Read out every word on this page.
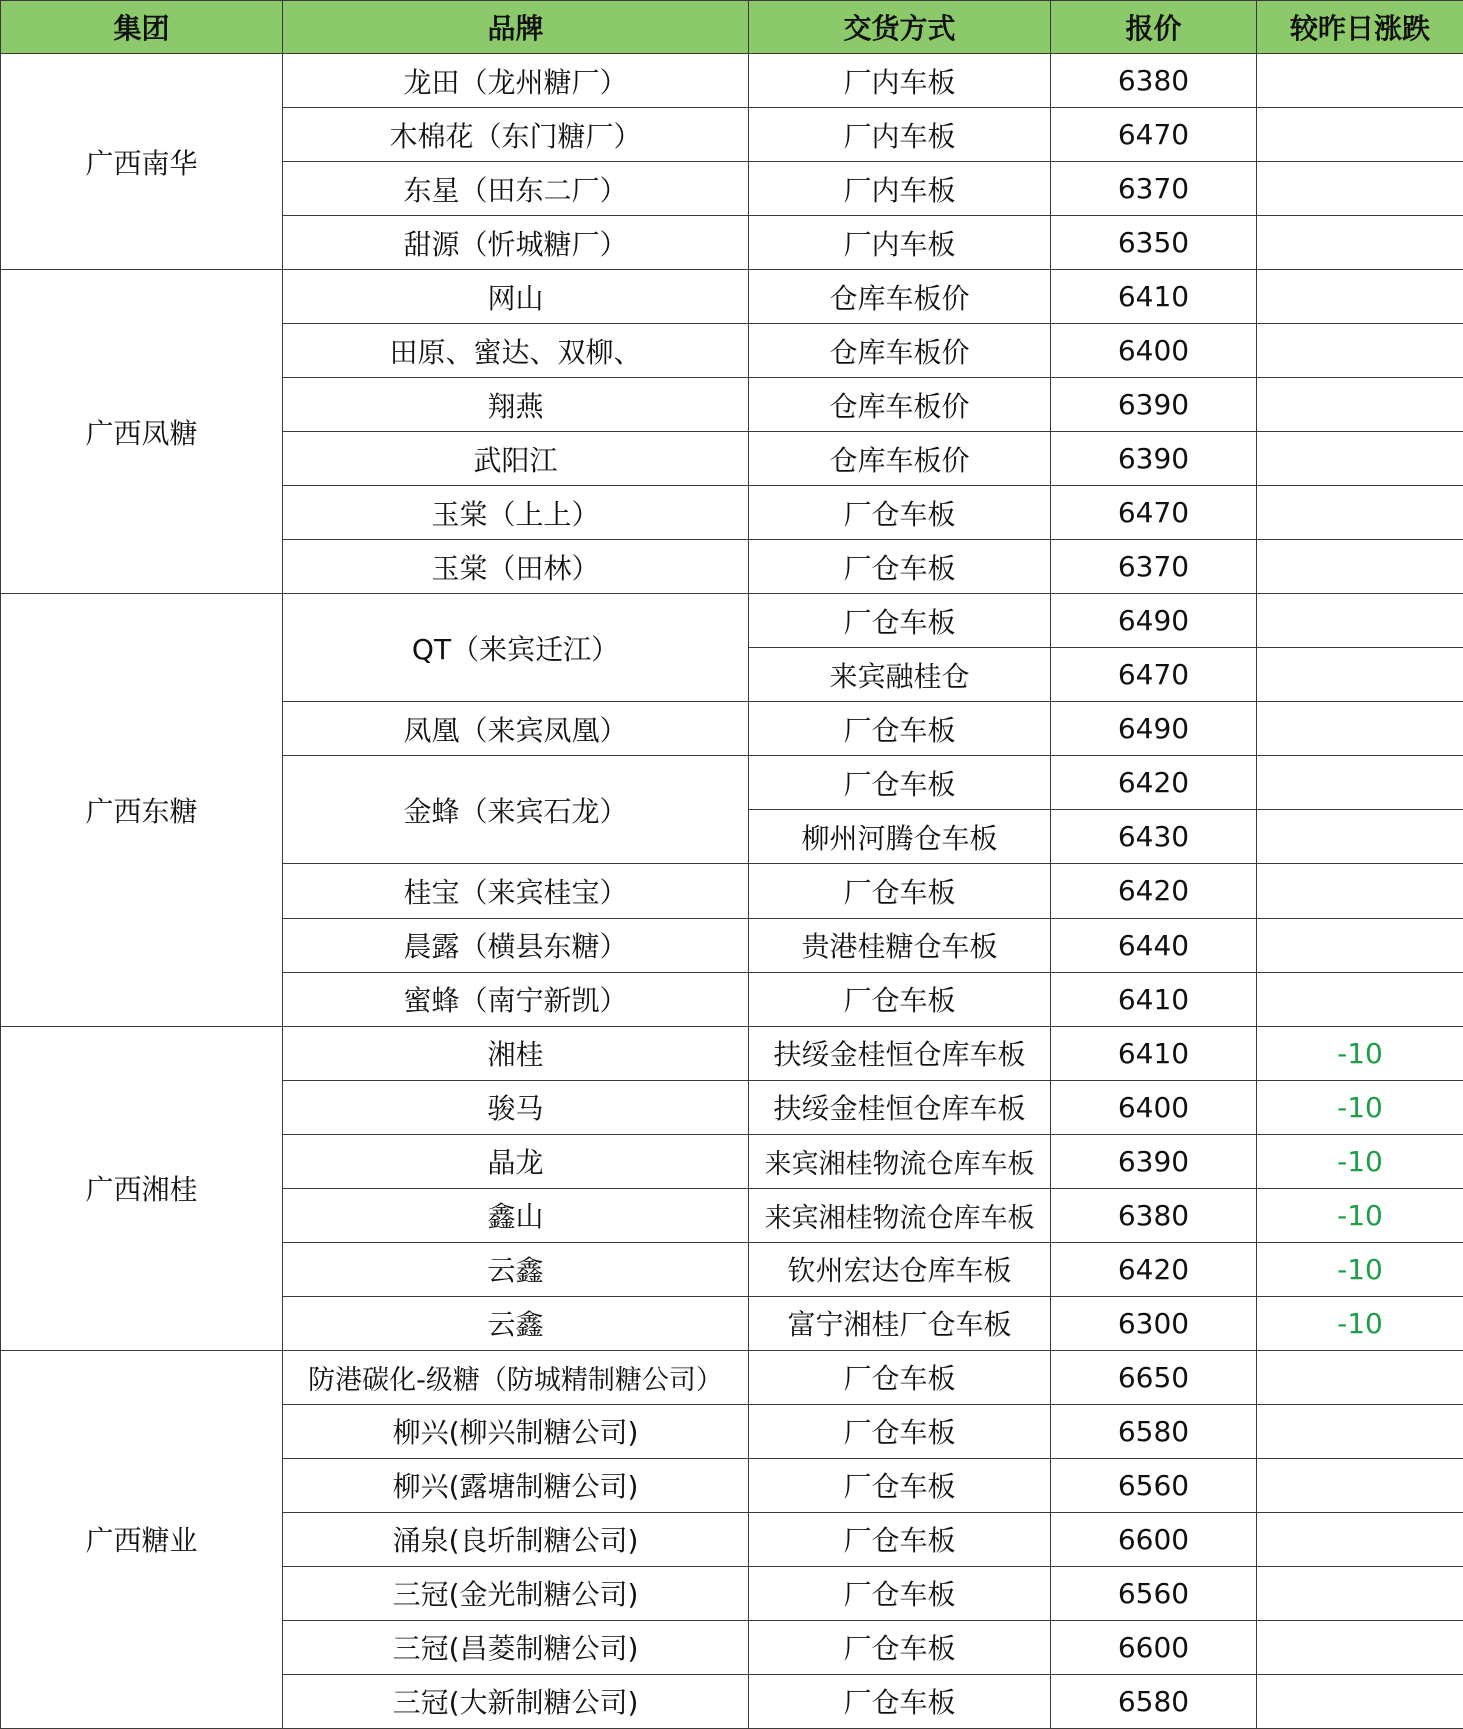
集团	品牌	交货方式	报价	较昨日涨跌
广西南华	龙田（龙州糖厂）	厂内车板	6380	
	木棉花（东门糖厂）	厂内车板	6470	
	东星（田东二厂）	厂内车板	6370	
	甜源（忻城糖厂）	厂内车板	6350	
广西凤糖	网山	仓库车板价	6410	
	田原、蜜达、双柳、	仓库车板价	6400	
	翔燕	仓库车板价	6390	
	武阳江	仓库车板价	6390	
	玉棠（上上）	厂仓车板	6470	
	玉棠（田林）	厂仓车板	6370	
广西东糖	QT（来宾迁江）	厂仓车板	6490	
		来宾融桂仓	6470	
	凤凰（来宾凤凰）	厂仓车板	6490	
	金蜂（来宾石龙）	厂仓车板	6420	
		柳州河腾仓车板	6430	
	桂宝（来宾桂宝）	厂仓车板	6420	
	晨露（横县东糖）	贵港桂糖仓车板	6440	
	蜜蜂（南宁新凯）	厂仓车板	6410	
广西湘桂	湘桂	扶绥金桂恒仓库车板	6410	-10
	骏马	扶绥金桂恒仓库车板	6400	-10
	晶龙	来宾湘桂物流仓库车板	6390	-10
	鑫山	来宾湘桂物流仓库车板	6380	-10
	云鑫	钦州宏达仓库车板	6420	-10
	云鑫	富宁湘桂厂仓车板	6300	-10
广西糖业	防港碳化-级糖（防城精制糖公司）	厂仓车板	6650	
	柳兴(柳兴制糖公司)	厂仓车板	6580	
	柳兴(露塘制糖公司)	厂仓车板	6560	
	涌泉(良圻制糖公司)	厂仓车板	6600	
	三冠(金光制糖公司)	厂仓车板	6560	
	三冠(昌菱制糖公司)	厂仓车板	6600	
	三冠(大新制糖公司)	厂仓车板	6580	
